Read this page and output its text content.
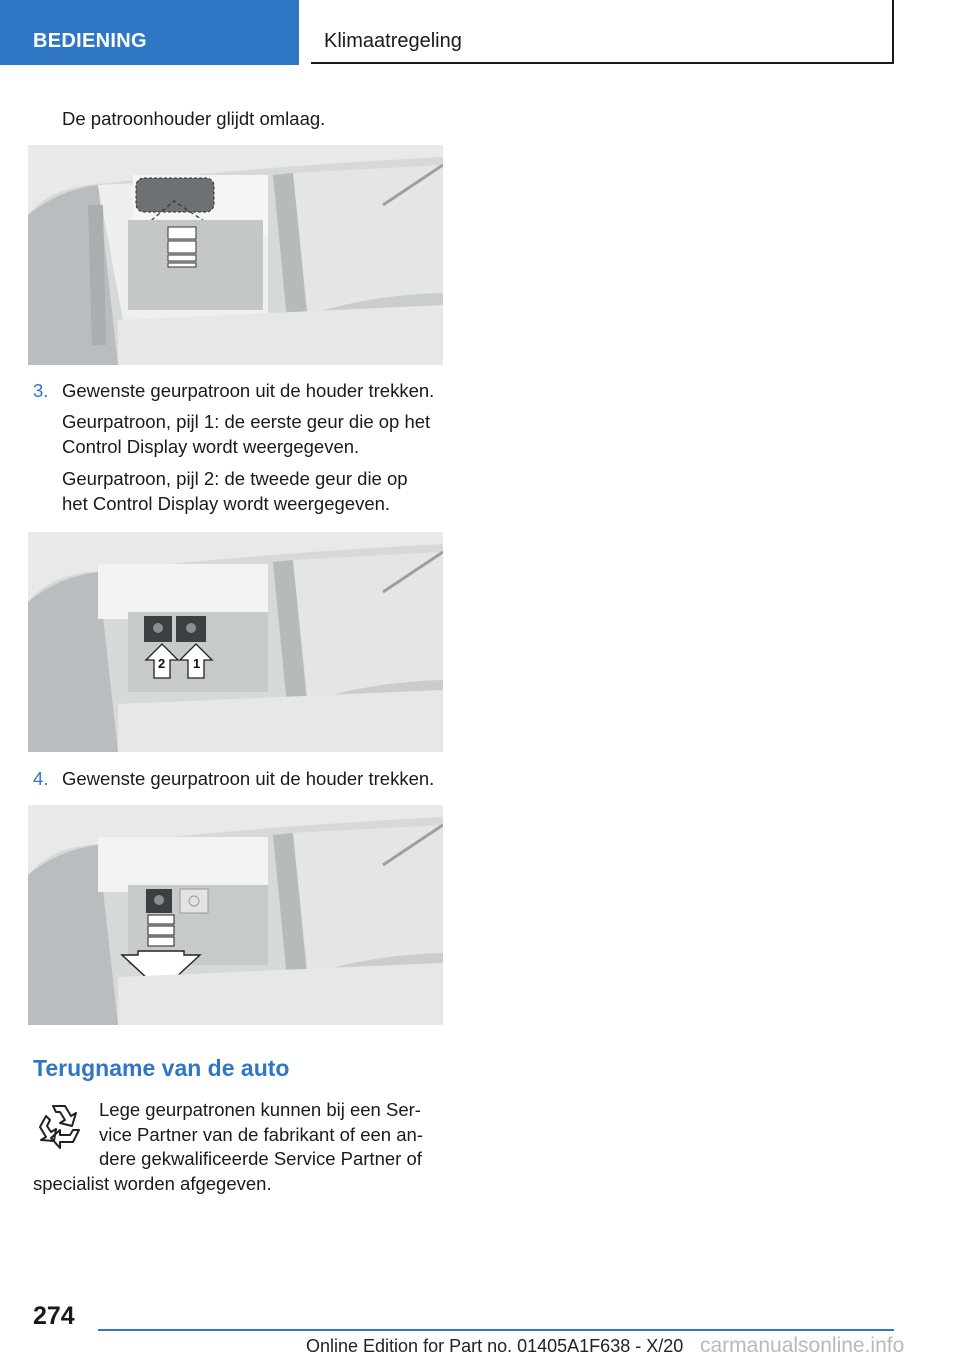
BEDIENING	Klimaatregeling

De patroonhouder glijdt omlaag.

3. Gewenste geurpatroon uit de houder trekken.

Geurpatroon, pijl 1: de eerste geur die op het

Control Display wordt weergegeven.

Geurpatroon, pijl 2: de tweede geur die op

het Control Display wordt weergegeven.

2 1
4. Gewenste geurpatroon uit de houder trekken.

Terugname van de auto

Lege geurpatronen kunnen bij een Ser-

vice Partner van de fabrikant of een an-

dere gekwalificeerde Service Partner of

specialist worden afgegeven.

274
Online Edition for Part no. 01405A1F638 - X/20 carmanualsonline.info
